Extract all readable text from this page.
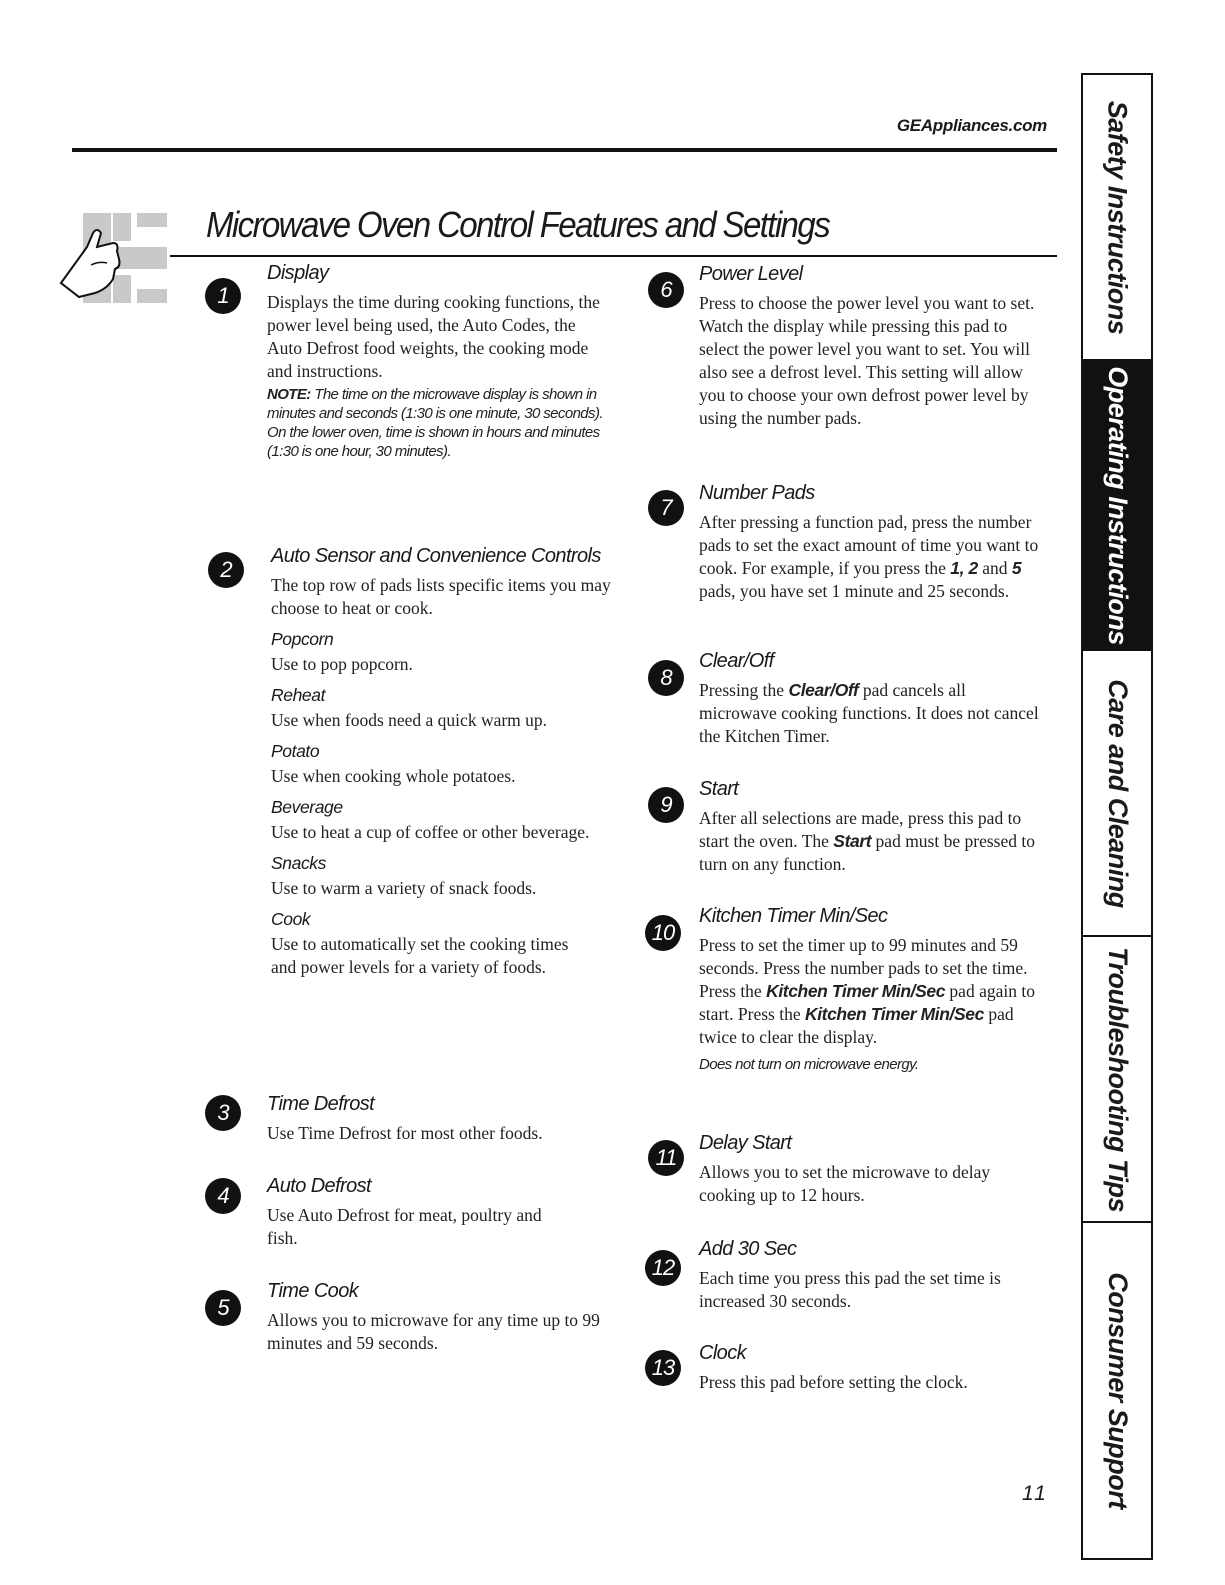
GEAppliances.com
Microwave Oven Control Features and Settings
1
Display

Displays the time during cooking functions, the power level being used, the Auto Codes, the Auto Defrost food weights, the cooking mode and instructions.

NOTE: The time on the microwave display is shown in minutes and seconds (1:30 is one minute, 30 seconds). On the lower oven, time is shown in hours and minutes (1:30 is one hour, 30 minutes).

2
Auto Sensor and Convenience Controls

The top row of pads lists specific items you may choose to heat or cook.

Popcorn

Use to pop popcorn.

Reheat

Use when foods need a quick warm up.

Potato

Use when cooking whole potatoes.

Beverage

Use to heat a cup of coffee or other beverage.

Snacks

Use to warm a variety of snack foods.

Cook

Use to automatically set the cooking times and power levels for a variety of foods.

3	Time Defrost

Use Time Defrost for most other foods.

4	Auto Defrost

Use Auto Defrost for meat, poultry and fish.

5
Time Cook

Allows you to microwave for any time up to 99 minutes and 59 seconds.

6
Power Level

Press to choose the power level you want to set. Watch the display while pressing this pad to select the power level you want to set. You will also see a defrost level. This setting will allow you to choose your own defrost power level by using the number pads.

7
Number Pads

After pressing a function pad, press the number pads to set the exact amount of time you want to cook. For example, if you press the 1, 2 and 5 pads, you have set 1 minute and 25 seconds.

8
Clear/Off

Pressing the Clear/Off pad cancels all microwave cooking functions. It does not cancel the Kitchen Timer.

9
Start

After all selections are made, press this pad to start the oven. The Start pad must be pressed to turn on any function.

10
Kitchen Timer Min/Sec

Press to set the timer up to 99 minutes and 59 seconds. Press the number pads to set the time. Press the Kitchen Timer Min/Sec pad again to start. Press the Kitchen Timer Min/Sec pad twice to clear the display.

Does not turn on microwave energy.

11
Delay Start

Allows you to set the microwave to delay cooking up to 12 hours.

12
Add 30 Sec

Each time you press this pad the set time is increased 30 seconds.

13
Clock

Press this pad before setting the clock.

11
Safety Instructions
Operating Instructions
Care and Cleaning
Troubleshooting Tips
Consumer Support
